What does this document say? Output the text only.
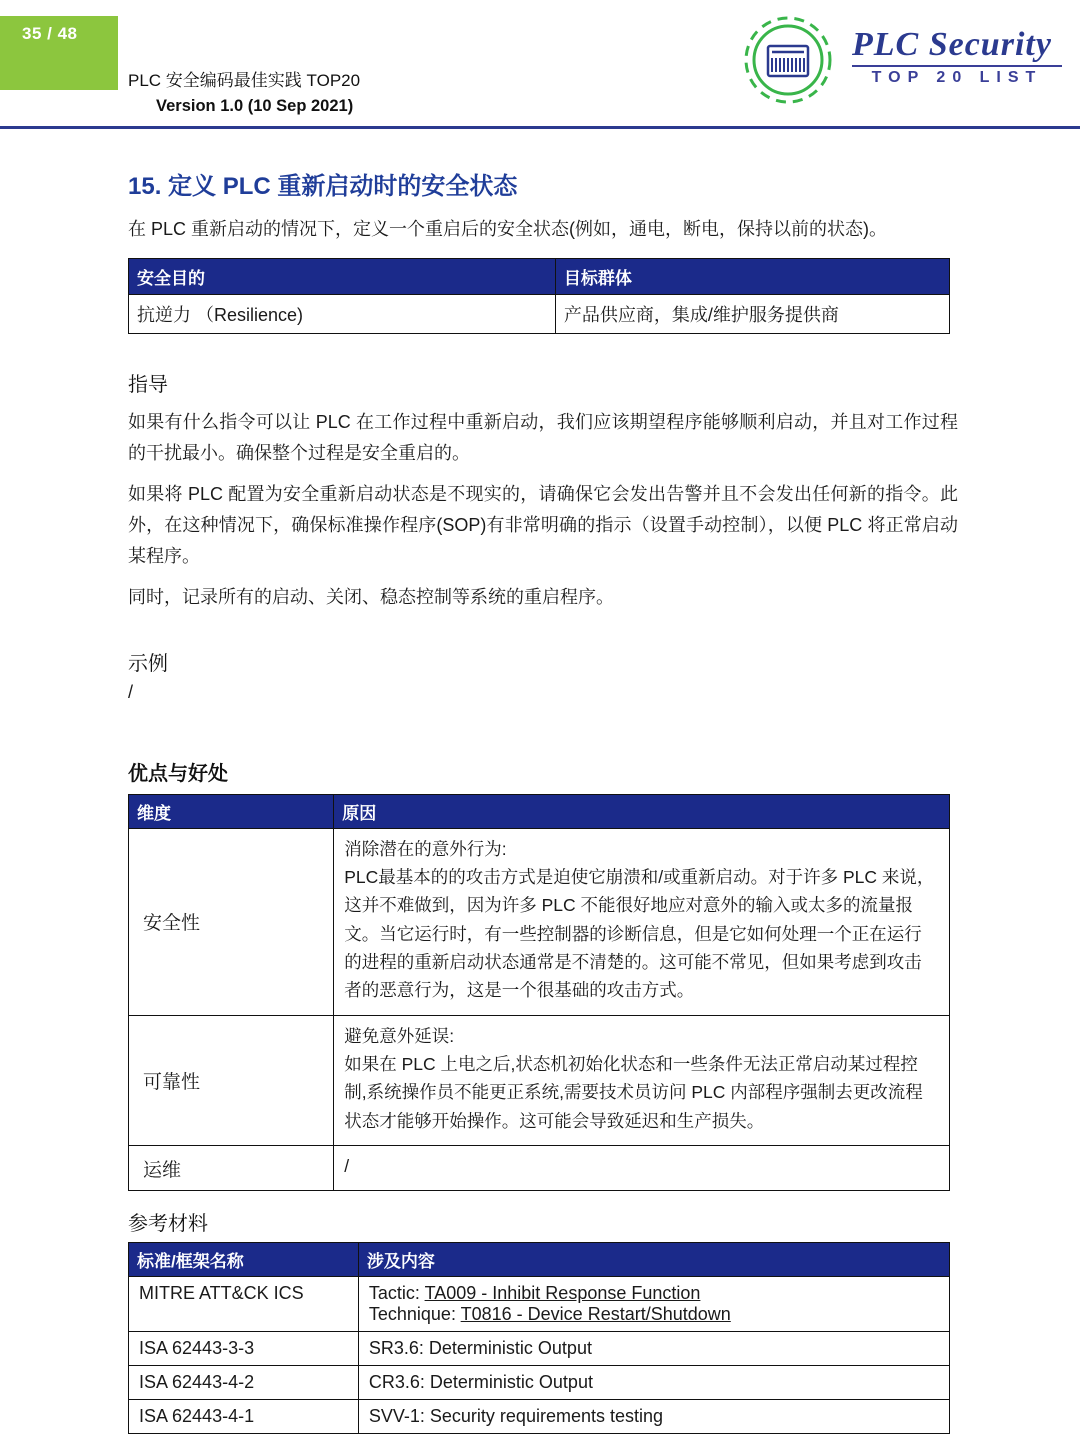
35 / 48
PLC 安全编码最佳实践 TOP20
Version 1.0 (10 Sep 2021)
PLC Security
TOP 20 LIST
15. 定义 PLC 重新启动时的安全状态
在 PLC 重新启动的情况下，定义一个重启后的安全状态(例如，通电，断电，保持以前的状态)。
安全目的	目标群体
抗逆力 （Resilience)	产品供应商，集成/维护服务提供商
指导
如果有什么指令可以让 PLC 在工作过程中重新启动，我们应该期望程序能够顺利启动，并且对工作过程的干扰最小。确保整个过程是安全重启的。
如果将 PLC 配置为安全重新启动状态是不现实的，请确保它会发出告警并且不会发出任何新的指令。此外，在这种情况下，确保标准操作程序(SOP)有非常明确的指示（设置手动控制），以便 PLC 将正常启动某程序。
同时，记录所有的启动、关闭、稳态控制等系统的重启程序。
示例
/
优点与好处
维度	原因
安全性	消除潜在的意外行为:
PLC最基本的的攻击方式是迫使它崩溃和/或重新启动。对于许多 PLC 来说，这并不难做到，因为许多 PLC 不能很好地应对意外的输入或太多的流量报文。当它运行时，有一些控制器的诊断信息，但是它如何处理一个正在运行的进程的重新启动状态通常是不清楚的。这可能不常见，但如果考虑到攻击者的恶意行为，这是一个很基础的攻击方式。
可靠性	避免意外延误:
如果在 PLC 上电之后,状态机初始化状态和一些条件无法正常启动某过程控制,系统操作员不能更正系统,需要技术员访问 PLC 内部程序强制去更改流程状态才能够开始操作。这可能会导致延迟和生产损失。
运维	/
参考材料
标准/框架名称	涉及内容
MITRE ATT&CK ICS	Tactic: TA009 - Inhibit Response Function
Technique: T0816 - Device Restart/Shutdown

ISA 62443-3-3	SR3.6: Deterministic Output
ISA 62443-4-2	CR3.6: Deterministic Output
ISA 62443-4-1	SVV-1: Security requirements testing
